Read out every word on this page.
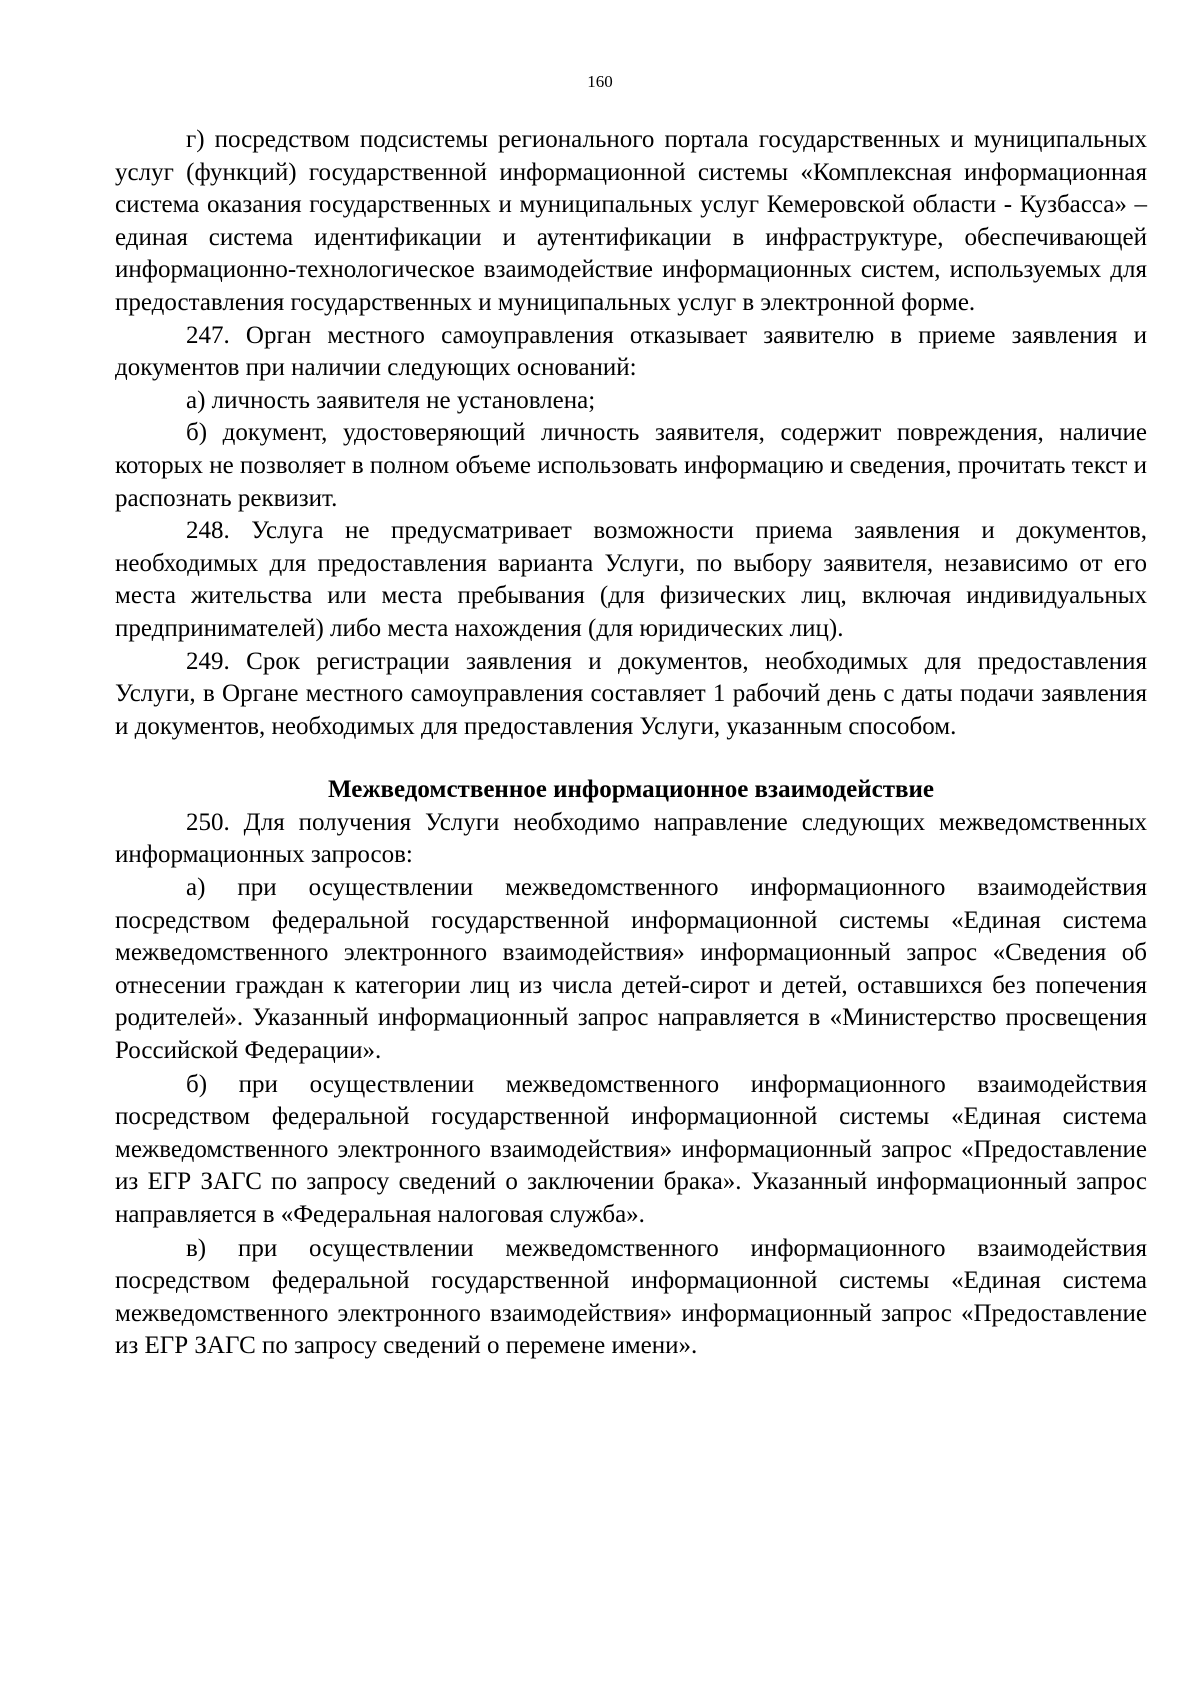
160

г) посредством подсистемы регионального портала государственных и муниципальных услуг (функций) государственной информационной системы «Комплексная информационная система оказания государственных и муниципальных услуг Кемеровской области - Кузбасса» – единая система идентификации и аутентификации в инфраструктуре, обеспечивающей информационно-технологическое взаимодействие информационных систем, используемых для предоставления государственных и муниципальных услуг в электронной форме.

247. Орган местного самоуправления отказывает заявителю в приеме заявления и документов при наличии следующих оснований:

а) личность заявителя не установлена;

б) документ, удостоверяющий личность заявителя, содержит повреждения, наличие которых не позволяет в полном объеме использовать информацию и сведения, прочитать текст и распознать реквизит.

248. Услуга не предусматривает возможности приема заявления и документов, необходимых для предоставления варианта Услуги, по выбору заявителя, независимо от его места жительства или места пребывания (для физических лиц, включая индивидуальных предпринимателей) либо места нахождения (для юридических лиц).

249. Срок регистрации заявления и документов, необходимых для предоставления Услуги, в Органе местного самоуправления составляет 1 рабочий день с даты подачи заявления и документов, необходимых для предоставления Услуги, указанным способом.

Межведомственное информационное взаимодействие

250. Для получения Услуги необходимо направление следующих межведомственных информационных запросов:

а) при осуществлении межведомственного информационного взаимодействия посредством федеральной государственной информационной системы «Единая система межведомственного электронного взаимодействия» информационный запрос «Сведения об отнесении граждан к категории лиц из числа детей-сирот и детей, оставшихся без попечения родителей». Указанный информационный запрос направляется в «Министерство просвещения Российской Федерации».

б) при осуществлении межведомственного информационного взаимодействия посредством федеральной государственной информационной системы «Единая система межведомственного электронного взаимодействия» информационный запрос «Предоставление из ЕГР ЗАГС по запросу сведений о заключении брака». Указанный информационный запрос направляется в «Федеральная налоговая служба».

в) при осуществлении межведомственного информационного взаимодействия посредством федеральной государственной информационной системы «Единая система межведомственного электронного взаимодействия» информационный запрос «Предоставление из ЕГР ЗАГС по запросу сведений о перемене имени».
